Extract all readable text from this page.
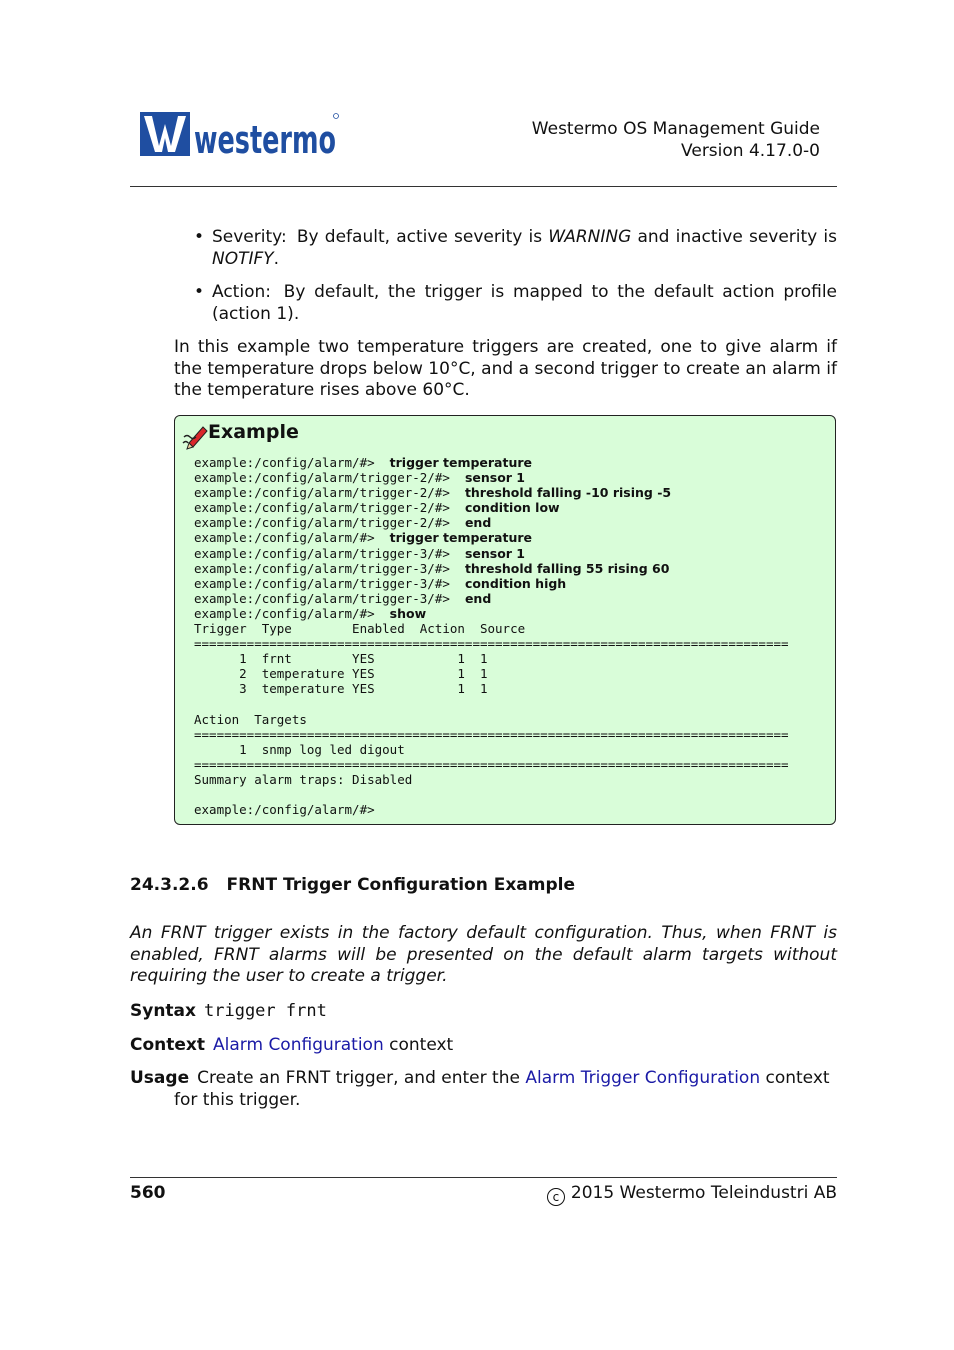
westermo	Westermo OS Management Guide
Version 4.17.0-0
• Severity: By default, active severity is WARNING and inactive severity is NOTIFY.
• Action: By default, the trigger is mapped to the default action profile (action 1).

In this example two temperature triggers are created, one to give alarm if the temperature drops below 10°C, and a second trigger to create an alarm if the temperature rises above 60°C.

Example
example:/config/alarm/#>  trigger temperature
example:/config/alarm/trigger-2/#>  sensor 1
example:/config/alarm/trigger-2/#>  threshold falling -10 rising -5
example:/config/alarm/trigger-2/#>  condition low
example:/config/alarm/trigger-2/#>  end
example:/config/alarm/#>  trigger temperature
example:/config/alarm/trigger-3/#>  sensor 1
example:/config/alarm/trigger-3/#>  threshold falling 55 rising 60
example:/config/alarm/trigger-3/#>  condition high
example:/config/alarm/trigger-3/#>  end
example:/config/alarm/#>  show
Trigger  Type        Enabled  Action  Source
===============================================================================
1  frnt        YES           1  1
2  temperature YES           1  1
3  temperature YES           1  1
Action  Targets
===============================================================================
1  snmp log led digout
===============================================================================
Summary alarm traps: Disabled
example:/config/alarm/#>
24.3.2.6 FRNT Trigger Configuration Example

An FRNT trigger exists in the factory default configuration. Thus, when FRNT is enabled, FRNT alarms will be presented on the default alarm targets without requiring the user to create a trigger.

Syntax trigger frnt
Context Alarm Configuration context
Usage Create an FRNT trigger, and enter the Alarm Trigger Configuration context
for this trigger.
560	c 2015 Westermo Teleindustri AB
